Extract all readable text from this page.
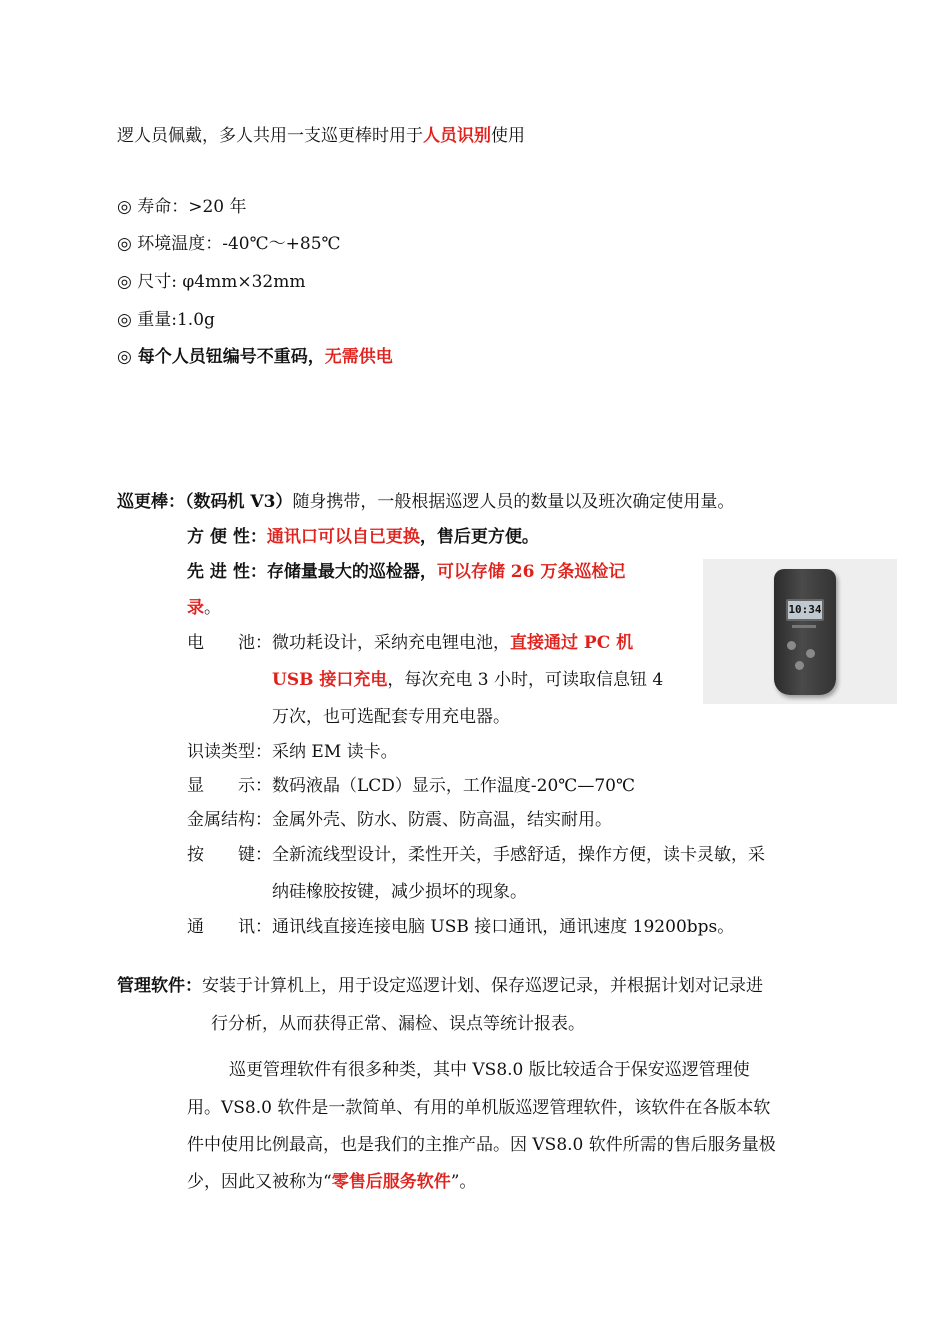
逻人员佩戴，多人共用一支巡更棒时用于人员识别使用
◎ 寿命：>20 年
◎ 环境温度：-40℃～+85℃
◎ 尺寸: φ4mm×32mm
◎ 重量:1.0g
◎ 每个人员钮编号不重码，无需供电
巡更棒：（数码机 V3）随身携带，一般根据巡逻人员的数量以及班次确定使用量。
方 便 性：通讯口可以自已更换，售后更方便。
先 进 性：存储量最大的巡检器，可以存储 26 万条巡检记
录。
电　　池：微功耗设计，采纳充电锂电池，直接通过 PC 机
USB 接口充电，每次充电 3 小时，可读取信息钮 4
万次，也可选配套专用充电器。
识读类型：采纳 EM 读卡。
显　　示：数码液晶（LCD）显示，工作温度-20℃—70℃
金属结构：金属外壳、防水、防震、防高温，结实耐用。
按　　键：全新流线型设计，柔性开关，手感舒适，操作方便，读卡灵敏，采
纳硅橡胶按键，减少损坏的现象。
通　　讯：通讯线直接连接电脑 USB 接口通讯，通讯速度 19200bps。
10:34
管理软件：安装于计算机上，用于设定巡逻计划、保存巡逻记录，并根据计划对记录进
行分析，从而获得正常、漏检、误点等统计报表。
巡更管理软件有很多种类，其中 VS8.0 版比较适合于保安巡逻管理使
用。VS8.0 软件是一款简单、有用的单机版巡逻管理软件，该软件在各版本软
件中使用比例最高，也是我们的主推产品。因 VS8.0 软件所需的售后服务量极
少，因此又被称为“零售后服务软件”。
